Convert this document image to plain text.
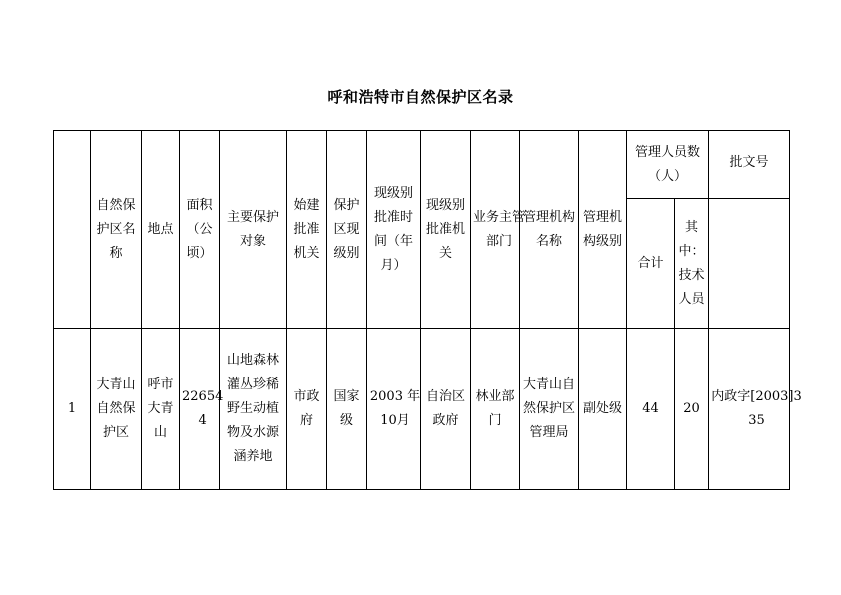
呼和浩特市自然保护区名录

	自然保护区名称	地点	面积（公顷）	主要保护对象	始建批准机关	保护区现级别	现级别批准时间（年月）	现级别批准机关	业务主管部门	管理机构名称	管理机构级别	管理人员数（人）		批文号
												合计	其中：技术人员	

1	大青山自然保护区	呼市大青山	226544	山地森林灌丛珍稀野生动植物及水源涵养地	市政府	国家级	2003 年10月	自治区政府	林业部门	大青山自然保护区管理局	副处级	44	20	内政字[2003]335
